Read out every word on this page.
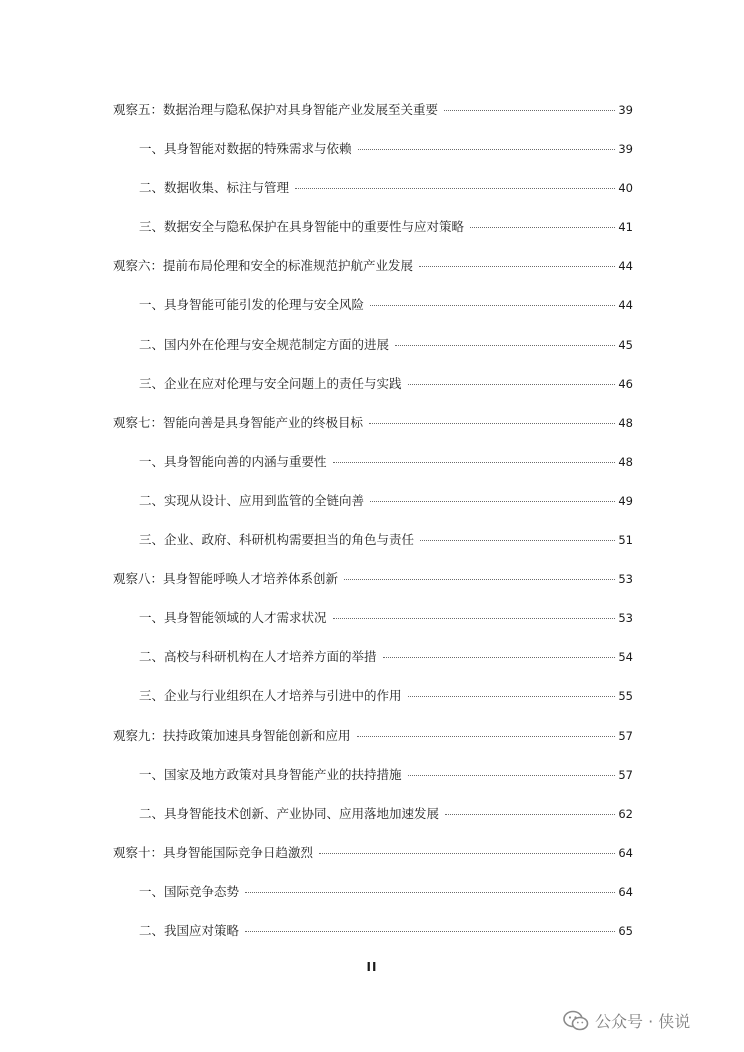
观察五：数据治理与隐私保护对具身智能产业发展至关重要	39
一、具身智能对数据的特殊需求与依赖	39
二、数据收集、标注与管理	40
三、数据安全与隐私保护在具身智能中的重要性与应对策略	41
观察六：提前布局伦理和安全的标准规范护航产业发展	44
一、具身智能可能引发的伦理与安全风险	44
二、国内外在伦理与安全规范制定方面的进展	45
三、企业在应对伦理与安全问题上的责任与实践	46
观察七：智能向善是具身智能产业的终极目标	48
一、具身智能向善的内涵与重要性	48
二、实现从设计、应用到监管的全链向善	49
三、企业、政府、科研机构需要担当的角色与责任	51
观察八：具身智能呼唤人才培养体系创新	53
一、具身智能领域的人才需求状况	53
二、高校与科研机构在人才培养方面的举措	54
三、企业与行业组织在人才培养与引进中的作用	55
观察九：扶持政策加速具身智能创新和应用	57
一、国家及地方政策对具身智能产业的扶持措施	57
二、具身智能技术创新、产业协同、应用落地加速发展	62
观察十：具身智能国际竞争日趋激烈	64
一、国际竞争态势	64
二、我国应对策略	65
II
公众号 · 侠说
